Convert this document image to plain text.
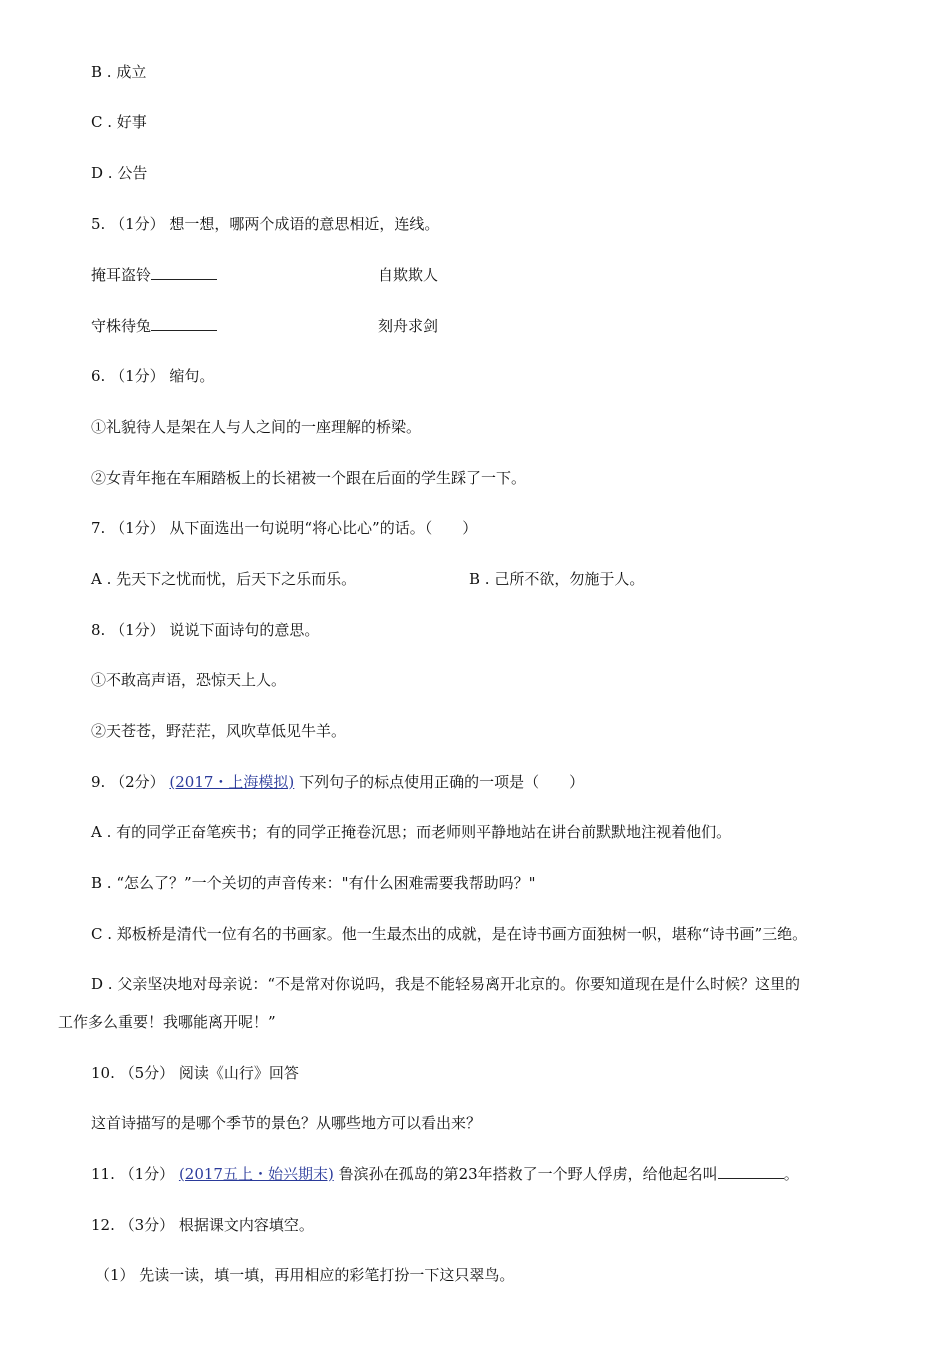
B . 成立
C . 好事
D . 公告
5. （1分） 想一想，哪两个成语的意思相近，连线。
掩耳盗铃	自欺欺人
守株待兔	刻舟求剑
6. （1分） 缩句。
①礼貌待人是架在人与人之间的一座理解的桥梁。
②女青年拖在车厢踏板上的长裙被一个跟在后面的学生踩了一下。
7. （1分） 从下面选出一句说明“将心比心”的话。（　　）
A . 先天下之忧而忧，后天下之乐而乐。	B . 己所不欲，勿施于人。
8. （1分） 说说下面诗句的意思。
①不敢高声语，恐惊天上人。
②天苍苍，野茫茫，风吹草低见牛羊。
9. （2分） (2017・上海模拟) 下列句子的标点使用正确的一项是（　　）
A . 有的同学正奋笔疾书；有的同学正掩卷沉思；而老师则平静地站在讲台前默默地注视着他们。
B . “怎么了？”一个关切的声音传来："有什么困难需要我帮助吗？"
C . 郑板桥是清代一位有名的书画家。他一生最杰出的成就，是在诗书画方面独树一帜，堪称“诗书画”三绝。
D . 父亲坚决地对母亲说：“不是常对你说吗，我是不能轻易离开北京的。你要知道现在是什么时候？这里的
工作多么重要！我哪能离开呢！”
10. （5分） 阅读《山行》回答
这首诗描写的是哪个季节的景色？从哪些地方可以看出来？
11. （1分） (2017五上・始兴期末) 鲁滨孙在孤岛的第23年搭救了一个野人俘虏，给他起名叫	。
12. （3分） 根据课文内容填空。
（1） 先读一读，填一填，再用相应的彩笔打扮一下这只翠鸟。
